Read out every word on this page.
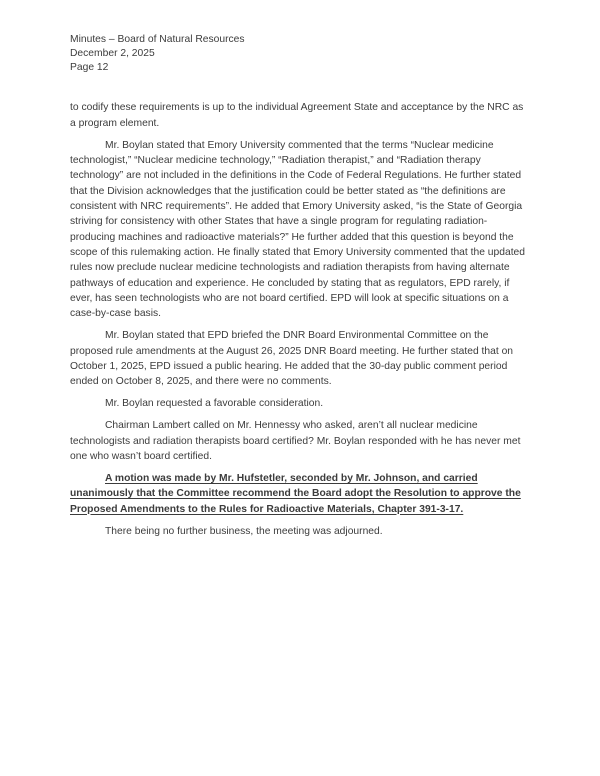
Minutes – Board of Natural Resources
December 2, 2025
Page 12

to codify these requirements is up to the individual Agreement State and acceptance by the NRC as a program element.

Mr. Boylan stated that Emory University commented that the terms “Nuclear medicine technologist,” “Nuclear medicine technology,” “Radiation therapist,” and “Radiation therapy technology” are not included in the definitions in the Code of Federal Regulations. He further stated that the Division acknowledges that the justification could be better stated as “the definitions are consistent with NRC requirements”. He added that Emory University asked, “is the State of Georgia striving for consistency with other States that have a single program for regulating radiation-producing machines and radioactive materials?” He further added that this question is beyond the scope of this rulemaking action. He finally stated that Emory University commented that the updated rules now preclude nuclear medicine technologists and radiation therapists from having alternate pathways of education and experience. He concluded by stating that as regulators, EPD rarely, if ever, has seen technologists who are not board certified. EPD will look at specific situations on a case-by-case basis.

Mr. Boylan stated that EPD briefed the DNR Board Environmental Committee on the proposed rule amendments at the August 26, 2025 DNR Board meeting. He further stated that on October 1, 2025, EPD issued a public hearing. He added that the 30-day public comment period ended on October 8, 2025, and there were no comments.

Mr. Boylan requested a favorable consideration.

Chairman Lambert called on Mr. Hennessy who asked, aren’t all nuclear medicine technologists and radiation therapists board certified? Mr. Boylan responded with he has never met one who wasn’t board certified.

A motion was made by Mr. Hufstetler, seconded by Mr. Johnson, and carried unanimously that the Committee recommend the Board adopt the Resolution to approve the Proposed Amendments to the Rules for Radioactive Materials, Chapter 391-3-17.

There being no further business, the meeting was adjourned.
